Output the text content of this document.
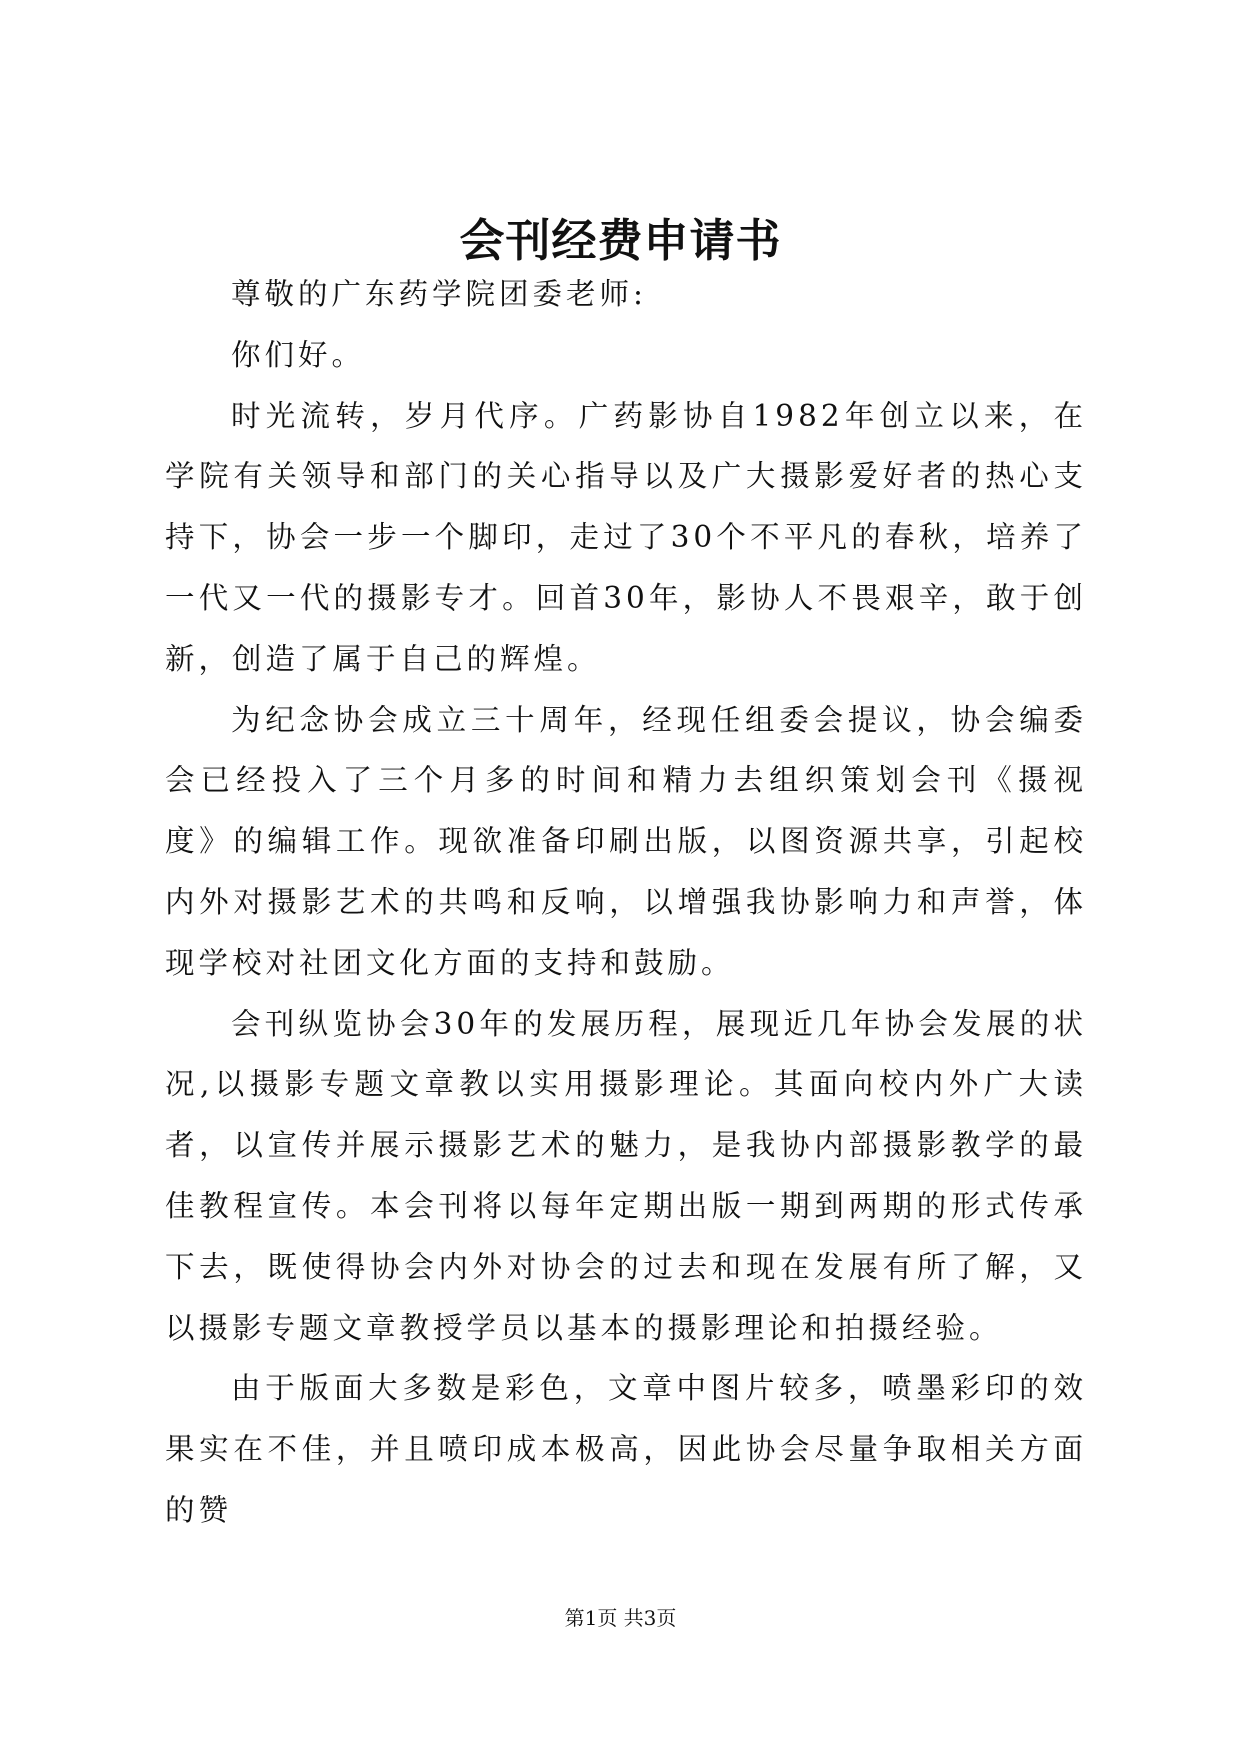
会刊经费申请书

尊敬的广东药学院团委老师:

你们好。

时光流转，岁月代序。广药影协自1982年创立以来，在学院有关领导和部门的关心指导以及广大摄影爱好者的热心支持下，协会一步一个脚印，走过了30个不平凡的春秋，培养了一代又一代的摄影专才。回首30年，影协人不畏艰辛，敢于创新，创造了属于自己的辉煌。

为纪念协会成立三十周年，经现任组委会提议，协会编委会已经投入了三个月多的时间和精力去组织策划会刊《摄视度》的编辑工作。现欲准备印刷出版，以图资源共享，引起校内外对摄影艺术的共鸣和反响，以增强我协影响力和声誉，体现学校对社团文化方面的支持和鼓励。

会刊纵览协会30年的发展历程，展现近几年协会发展的状况,以摄影专题文章教以实用摄影理论。其面向校内外广大读者，以宣传并展示摄影艺术的魅力，是我协内部摄影教学的最佳教程宣传。本会刊将以每年定期出版一期到两期的形式传承下去，既使得协会内外对协会的过去和现在发展有所了解，又以摄影专题文章教授学员以基本的摄影理论和拍摄经验。

由于版面大多数是彩色，文章中图片较多，喷墨彩印的效果实在不佳，并且喷印成本极高，因此协会尽量争取相关方面的赞

第1页 共3页
